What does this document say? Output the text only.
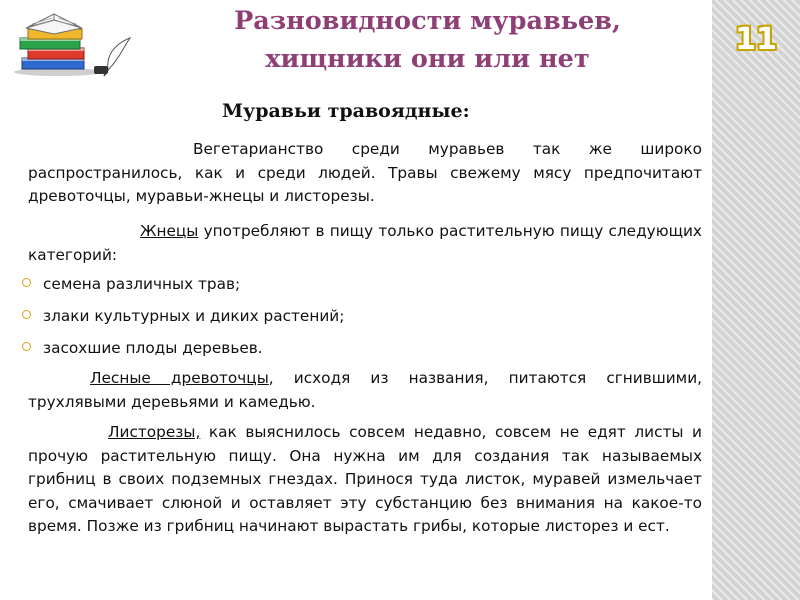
11
Разновидности муравьев,
хищники они или нет
Муравьи травоядные:

Вегетарианство среди муравьев так же широко распространилось, как и среди людей. Травы свежему мясу предпочитают древоточцы, муравьи-жнецы и листорезы.

Жнецы употребляют в пищу только растительную пищу следующих категорий:

семена различных трав;
злаки культурных и диких растений;
засохшие плоды деревьев.

Лесные древоточцы, исходя из названия, питаются сгнившими, трухлявыми деревьями и камедью.

Листорезы, как выяснилось совсем недавно, совсем не едят листы и прочую растительную пищу. Она нужна им для создания так называемых грибниц в своих подземных гнездах. Принося туда листок, муравей измельчает его, смачивает слюной и оставляет эту субстанцию без внимания на какое-то время. Позже из грибниц начинают вырастать грибы, которые листорез и ест.
